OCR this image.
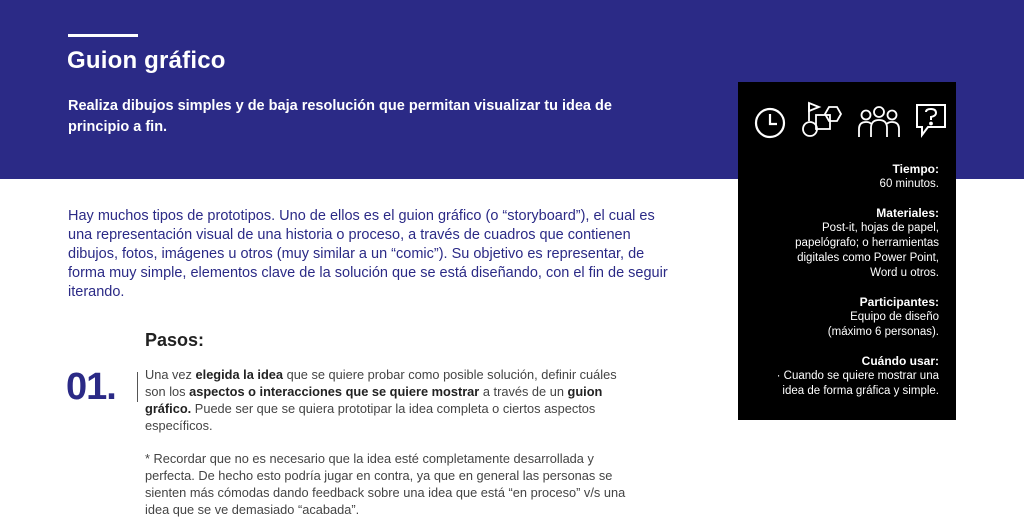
Guion gráfico

Realiza dibujos simples y de baja resolución que permitan visualizar tu idea de principio a fin.

Hay muchos tipos de prototipos. Uno de ellos es el guion gráfico (o “storyboard”), el cual es una representación visual de una historia o proceso, a través de cuadros que contienen dibujos, fotos, imágenes u otros (muy similar a un “comic”). Su objetivo es representar, de forma muy simple, elementos clave de la solución que se está diseñando, con el fin de seguir iterando.

Pasos:
01. Una vez elegida la idea que se quiere probar como posible solución, definir cuáles son los aspectos o interacciones que se quiere mostrar a través de un guion gráfico. Puede ser que se quiera prototipar la idea completa o ciertos aspectos específicos.

* Recordar que no es necesario que la idea esté completamente desarrollada y perfecta. De hecho esto podría jugar en contra, ya que en general las personas se sienten más cómodas dando feedback sobre una idea que está “en proceso” v/s una idea que se ve demasiado “acabada”.

Tiempo:
60 minutos.
Materiales:
Post-it, hojas de papel,
papelógrafo; o herramientas
digitales como Power Point,
Word u otros.
Participantes:
Equipo de diseño
(máximo 6 personas).
Cuándo usar:
· Cuando se quiere mostrar una
idea de forma gráfica y simple.
